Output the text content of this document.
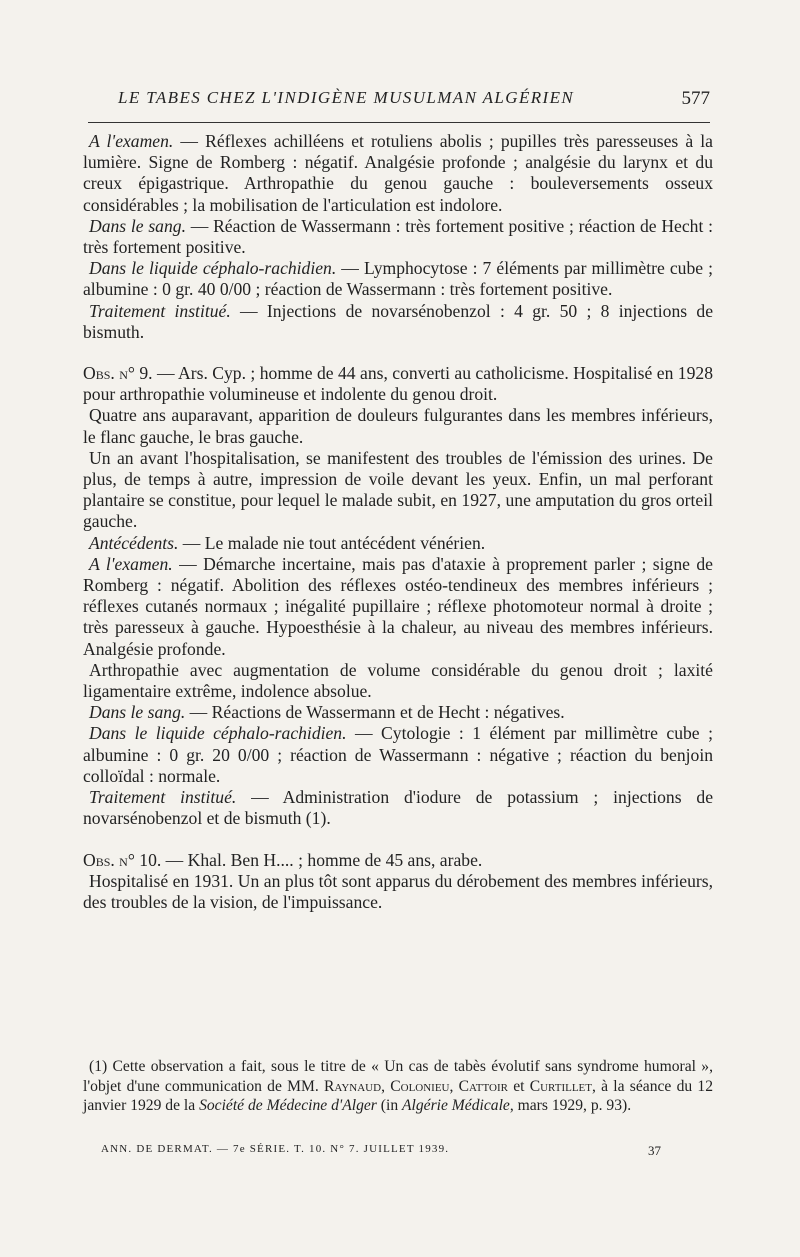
LE TABES CHEZ L'INDIGÈNE MUSULMAN ALGÉRIEN	577

A l'examen. — Réflexes achilléens et rotuliens abolis ; pupilles très paresseuses à la lumière. Signe de Romberg : négatif. Analgésie profonde ; analgésie du larynx et du creux épigastrique. Arthropathie du genou gauche : bouleversements osseux considérables ; la mobilisation de l'articulation est indolore.

Dans le sang. — Réaction de Wassermann : très fortement positive ; réaction de Hecht : très fortement positive.

Dans le liquide céphalo-rachidien. — Lymphocytose : 7 éléments par millimètre cube ; albumine : 0 gr. 40 0/00 ; réaction de Wassermann : très fortement positive.

Traitement institué. — Injections de novarsénobenzol : 4 gr. 50 ; 8 injections de bismuth.

Obs. n° 9. — Ars. Cyp. ; homme de 44 ans, converti au catholicisme. Hospitalisé en 1928 pour arthropathie volumineuse et indolente du genou droit.

Quatre ans auparavant, apparition de douleurs fulgurantes dans les membres inférieurs, le flanc gauche, le bras gauche.

Un an avant l'hospitalisation, se manifestent des troubles de l'émission des urines. De plus, de temps à autre, impression de voile devant les yeux. Enfin, un mal perforant plantaire se constitue, pour lequel le malade subit, en 1927, une amputation du gros orteil gauche.

Antécédents. — Le malade nie tout antécédent vénérien.

A l'examen. — Démarche incertaine, mais pas d'ataxie à proprement parler ; signe de Romberg : négatif. Abolition des réflexes ostéo-tendineux des membres inférieurs ; réflexes cutanés normaux ; inégalité pupillaire ; réflexe photomoteur normal à droite ; très paresseux à gauche. Hypoesthésie à la chaleur, au niveau des membres inférieurs. Analgésie profonde.

Arthropathie avec augmentation de volume considérable du genou droit ; laxité ligamentaire extrême, indolence absolue.

Dans le sang. — Réactions de Wassermann et de Hecht : négatives.

Dans le liquide céphalo-rachidien. — Cytologie : 1 élément par millimètre cube ; albumine : 0 gr. 20 0/00 ; réaction de Wassermann : négative ; réaction du benjoin colloïdal : normale.

Traitement institué. — Administration d'iodure de potassium ; injections de novarsénobenzol et de bismuth (1).

Obs. n° 10. — Khal. Ben H.... ; homme de 45 ans, arabe.

Hospitalisé en 1931. Un an plus tôt sont apparus du dérobement des membres inférieurs, des troubles de la vision, de l'impuissance.

(1) Cette observation a fait, sous le titre de « Un cas de tabès évolutif sans syndrome humoral », l'objet d'une communication de MM. Raynaud, Colonieu, Cattoir et Curtillet, à la séance du 12 janvier 1929 de la Société de Médecine d'Alger (in Algérie Médicale, mars 1929, p. 93).

ANN. DE DERMAT. — 7e SÉRIE. T. 10. N° 7. JUILLET 1939.	37
